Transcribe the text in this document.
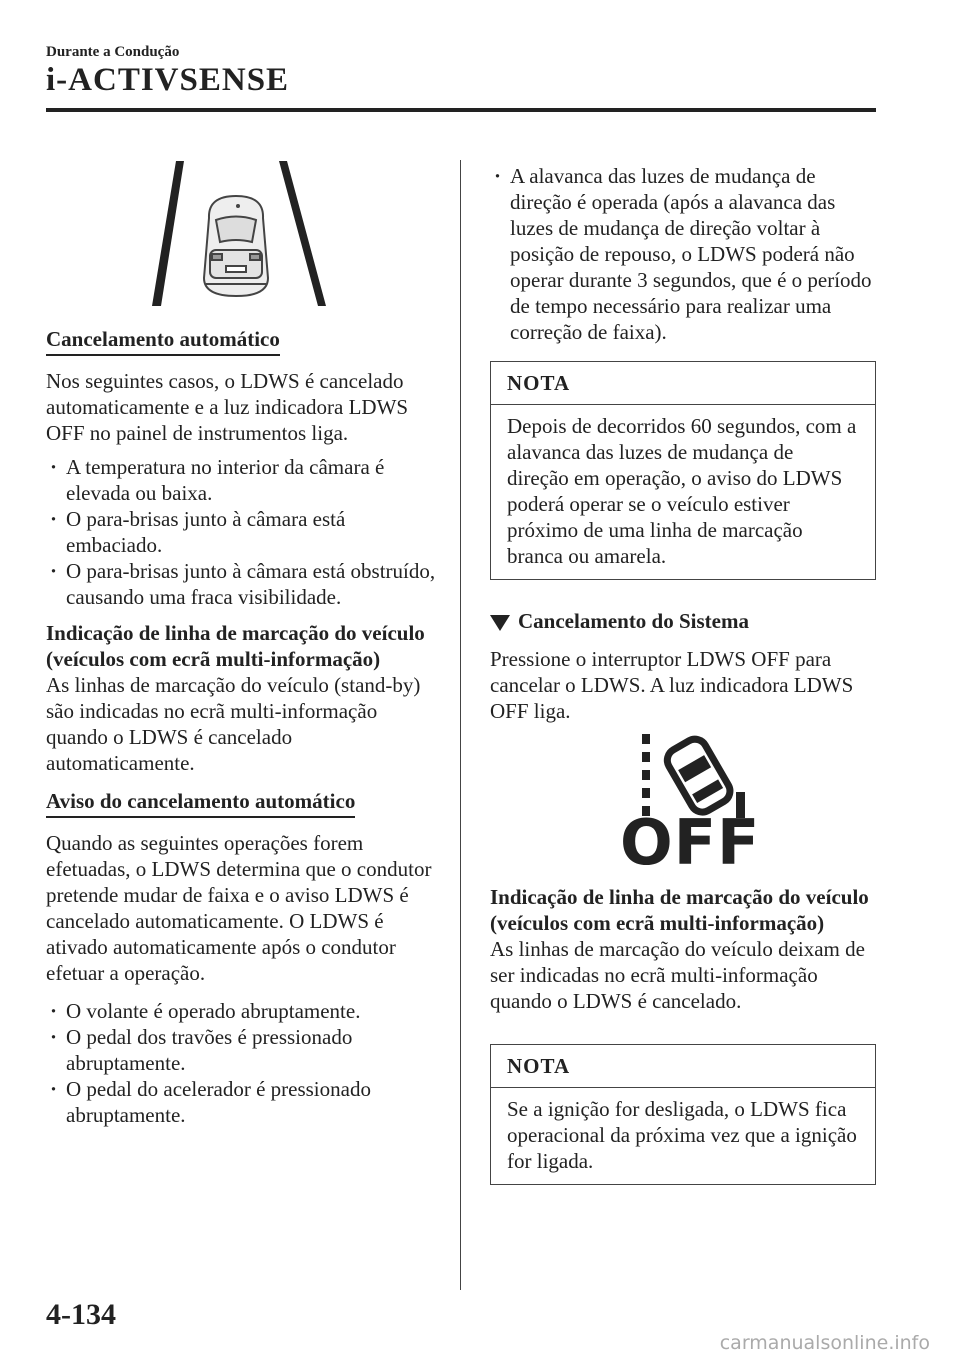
Durante a Condução
i-ACTIVSENSE

Cancelamento automático

Nos seguintes casos, o LDWS é cancelado automaticamente e a luz indicadora LDWS OFF no painel de instrumentos liga.

· A temperatura no interior da câmara é elevada ou baixa.
· O para-brisas junto à câmara está embaciado.
· O para-brisas junto à câmara está obstruído, causando uma fraca visibilidade.

Indicação de linha de marcação do veículo (veículos com ecrã multi-informação)

As linhas de marcação do veículo (stand-by) são indicadas no ecrã multi-informação quando o LDWS é cancelado automaticamente.

Aviso do cancelamento automático

Quando as seguintes operações forem efetuadas, o LDWS determina que o condutor pretende mudar de faixa e o aviso LDWS é cancelado automaticamente. O LDWS é ativado automaticamente após o condutor efetuar a operação.

· O volante é operado abruptamente.
· O pedal dos travões é pressionado abruptamente.
· O pedal do acelerador é pressionado abruptamente.
· A alavanca das luzes de mudança de direção é operada (após a alavanca das luzes de mudança de direção voltar à posição de repouso, o LDWS poderá não operar durante 3 segundos, que é o período de tempo necessário para realizar uma correção de faixa).
NOTA
Depois de decorridos 60 segundos, com a alavanca das luzes de mudança de direção em operação, o aviso do LDWS poderá operar se o veículo estiver próximo de uma linha de marcação branca ou amarela.

Cancelamento do Sistema

Pressione o interruptor LDWS OFF para cancelar o LDWS. A luz indicadora LDWS OFF liga.

OFF

Indicação de linha de marcação do veículo (veículos com ecrã multi-informação)

As linhas de marcação do veículo deixam de ser indicadas no ecrã multi-informação quando o LDWS é cancelado.

NOTA
Se a ignição for desligada, o LDWS fica operacional da próxima vez que a ignição for ligada.
4-134
carmanualsonline.info
